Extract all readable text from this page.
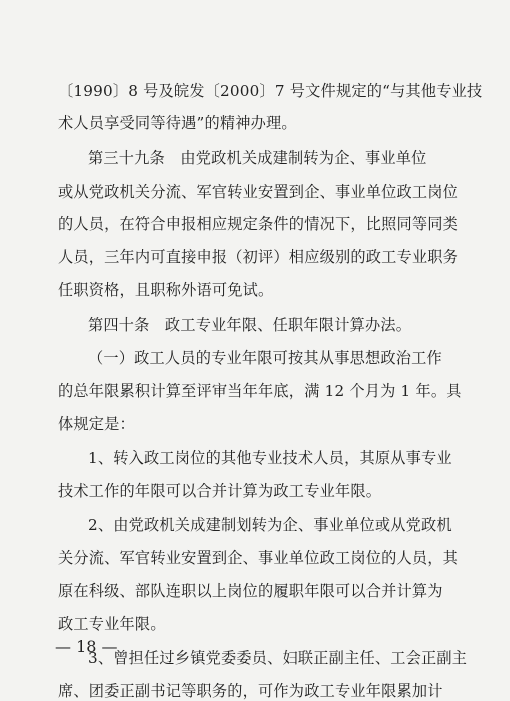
〔1990〕8 号及皖发〔2000〕7 号文件规定的“与其他专业技
术人员享受同等待遇”的精神办理。
第三十九条　由党政机关成建制转为企、事业单位
或从党政机关分流、军官转业安置到企、事业单位政工岗位
的人员，在符合申报相应规定条件的情况下，比照同等同类
人员，三年内可直接申报（初评）相应级别的政工专业职务
任职资格，且职称外语可免试。
第四十条　政工专业年限、任职年限计算办法。
（一）政工人员的专业年限可按其从事思想政治工作
的总年限累积计算至评审当年年底，满 12 个月为 1 年。具
体规定是：
1、转入政工岗位的其他专业技术人员，其原从事专业
技术工作的年限可以合并计算为政工专业年限。
2、由党政机关成建制划转为企、事业单位或从党政机
关分流、军官转业安置到企、事业单位政工岗位的人员，其
原在科级、部队连职以上岗位的履职年限可以合并计算为
政工专业年限。
3、曾担任过乡镇党委委员、妇联正副主任、工会正副主
席、团委正副书记等职务的，可作为政工专业年限累加计
— 18 —
